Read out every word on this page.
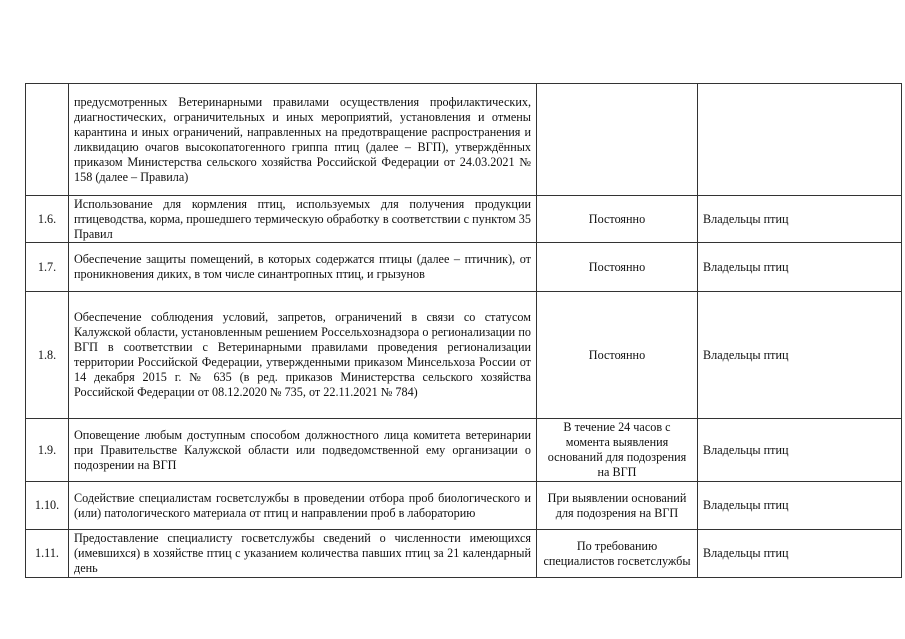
	предусмотренных Ветеринарными правилами осуществления профилактических, диагностических, ограничительных и иных мероприятий, установления и отмены карантина и иных ограничений, направленных на предотвращение распространения и ликвидацию очагов высокопатогенного гриппа птиц (далее – ВГП), утверждённых приказом Министерства сельского хозяйства Российской Федерации от 24.03.2021 № 158 (далее – Правила)		
1.6.	Использование для кормления птиц, используемых для получения продукции птицеводства, корма, прошедшего термическую обработку в соответствии с пунктом 35 Правил	Постоянно	Владельцы птиц
1.7.	Обеспечение защиты помещений, в которых содержатся птицы (далее – птичник), от проникновения диких, в том числе синантропных птиц, и грызунов	Постоянно	Владельцы птиц
1.8.	Обеспечение соблюдения условий, запретов, ограничений в связи со статусом Калужской области, установленным решением Россельхознадзора о регионализации по ВГП в соответствии с Ветеринарными правилами проведения регионализации территории Российской Федерации, утвержденными приказом Минсельхоза России от 14 декабря 2015 г. № 635 (в ред. приказов Министерства сельского хозяйства Российской Федерации от 08.12.2020 № 735, от 22.11.2021 № 784)	Постоянно	Владельцы птиц
1.9.	Оповещение любым доступным способом должностного лица комитета ветеринарии при Правительстве Калужской области или подведомственной ему организации о подозрении на ВГП	В течение 24 часов с момента выявления оснований для подозрения на ВГП	Владельцы птиц
1.10.	Содействие специалистам госветслужбы в проведении отбора проб биологического и (или) патологического материала от птиц и направлении проб в лабораторию	При выявлении оснований для подозрения на ВГП	Владельцы птиц
1.11.	Предоставление специалисту госветслужбы сведений о численности имеющихся (имевшихся) в хозяйстве птиц с указанием количества павших птиц за 21 календарный день	По требованию специалистов госветслужбы	Владельцы птиц
